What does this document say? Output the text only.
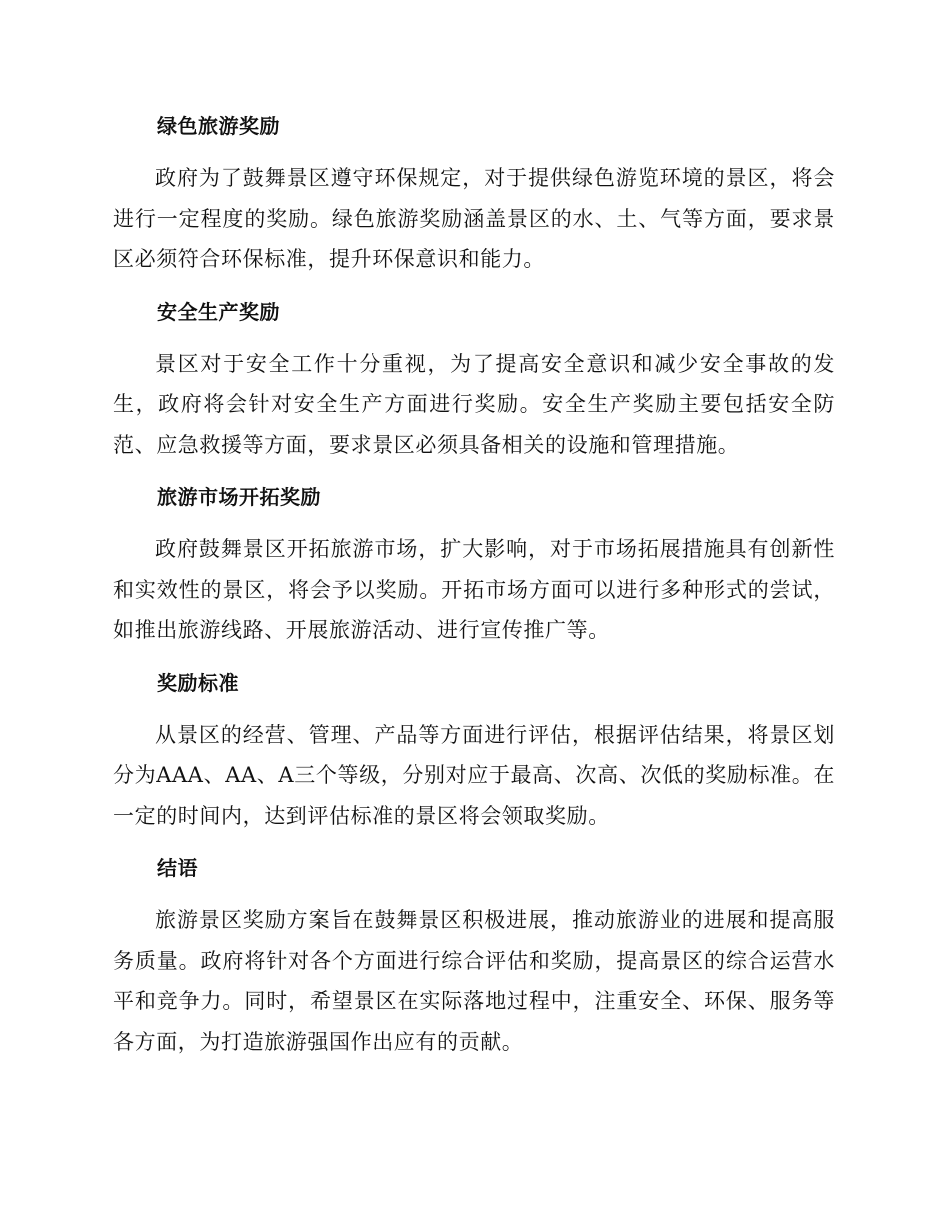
绿色旅游奖励

政府为了鼓舞景区遵守环保规定，对于提供绿色游览环境的景区，将会进行一定程度的奖励。绿色旅游奖励涵盖景区的水、土、气等方面，要求景区必须符合环保标准，提升环保意识和能力。

安全生产奖励

景区对于安全工作十分重视，为了提高安全意识和减少安全事故的发生，政府将会针对安全生产方面进行奖励。安全生产奖励主要包括安全防范、应急救援等方面，要求景区必须具备相关的设施和管理措施。

旅游市场开拓奖励

政府鼓舞景区开拓旅游市场，扩大影响，对于市场拓展措施具有创新性和实效性的景区，将会予以奖励。开拓市场方面可以进行多种形式的尝试，如推出旅游线路、开展旅游活动、进行宣传推广等。

奖励标准

从景区的经营、管理、产品等方面进行评估，根据评估结果，将景区划分为AAA、AA、A三个等级，分别对应于最高、次高、次低的奖励标准。在一定的时间内，达到评估标准的景区将会领取奖励。

结语

旅游景区奖励方案旨在鼓舞景区积极进展，推动旅游业的进展和提高服务质量。政府将针对各个方面进行综合评估和奖励，提高景区的综合运营水平和竞争力。同时，希望景区在实际落地过程中，注重安全、环保、服务等各方面，为打造旅游强国作出应有的贡献。
